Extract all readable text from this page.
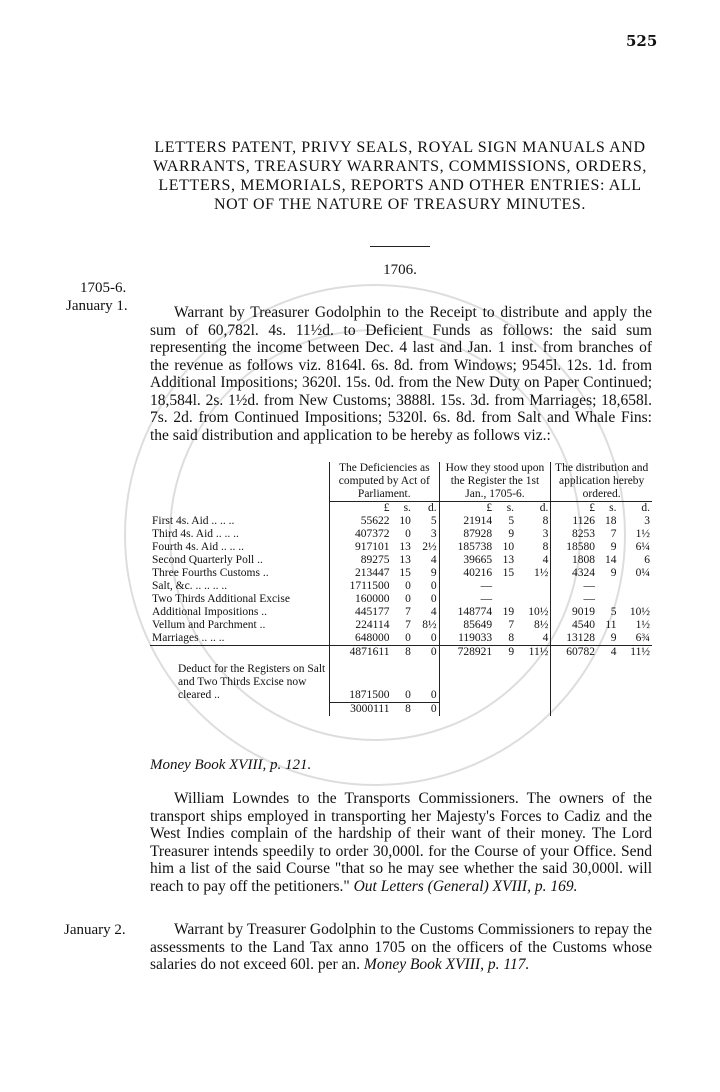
525
LETTERS PATENT, PRIVY SEALS, ROYAL SIGN MANUALS AND WARRANTS, TREASURY WARRANTS, COMMISSIONS, ORDERS, LETTERS, MEMORIALS, REPORTS AND OTHER ENTRIES: ALL NOT OF THE NATURE OF TREASURY MINUTES.
1706.
1705-6.
January 1.	Warrant by Treasurer Godolphin to the Receipt to distribute and apply the sum of 60,782l. 4s. 11½d. to Deficient Funds as follows: the said sum representing the income between Dec. 4 last and Jan. 1 inst. from branches of the revenue as follows viz. 8164l. 6s. 8d. from Windows; 9545l. 12s. 1d. from Additional Impositions; 3620l. 15s. 0d. from the New Duty on Paper Continued; 18,584l. 2s. 1½d. from New Customs; 3888l. 15s. 3d. from Marriages; 18,658l. 7s. 2d. from Continued Impositions; 5320l. 6s. 8d. from Salt and Whale Fins: the said distribution and application to be hereby as follows viz.:
	The Deficiencies as computed by Act of Parliament.			How they stood upon the Register the 1st Jan., 1705-6.			The distribution and application hereby ordered.		
	£	s.	d.	£	s.	d.	£	s.	d.
First 4s. Aid .. .. ..	55622	10	5	21914	5	8	1126	18	3
Third 4s. Aid .. .. ..	407372	0	3	87928	9	3	8253	7	1½
Fourth 4s. Aid .. .. ..	917101	13	2½	185738	10	8	18580	9	6¼
Second Quarterly Poll ..	89275	13	4	39665	13	4	1808	14	6
Three Fourths Customs ..	213447	15	9	40216	15	1½	4324	9	0¼
Salt, &c. .. .. .. ..	1711500	0	0	—			—		
Two Thirds Additional Excise	160000	0	0	—			—		
Additional Impositions ..	445177	7	4	148774	19	10½	9019	5	10½
Vellum and Parchment ..	224114	7	8½	85649	7	8½	4540	11	1½
Marriages .. .. ..	648000	0	0	119033	8	4	13128	9	6¾
	4871611	8	0	728921	9	11½	60782	4	11½
Deduct for the Registers on Salt and Two Thirds Excise now cleared ..	1871500	0	0						
	3000111	8	0						
Money Book XVIII, p. 121.
William Lowndes to the Transports Commissioners. The owners of the transport ships employed in transporting her Majesty's Forces to Cadiz and the West Indies complain of the hardship of their want of their money. The Lord Treasurer intends speedily to order 30,000l. for the Course of your Office. Send him a list of the said Course "that so he may see whether the said 30,000l. will reach to pay off the petitioners." Out Letters (General) XVIII, p. 169.
January 2.	Warrant by Treasurer Godolphin to the Customs Commissioners to repay the assessments to the Land Tax anno 1705 on the officers of the Customs whose salaries do not exceed 60l. per an. Money Book XVIII, p. 117.
